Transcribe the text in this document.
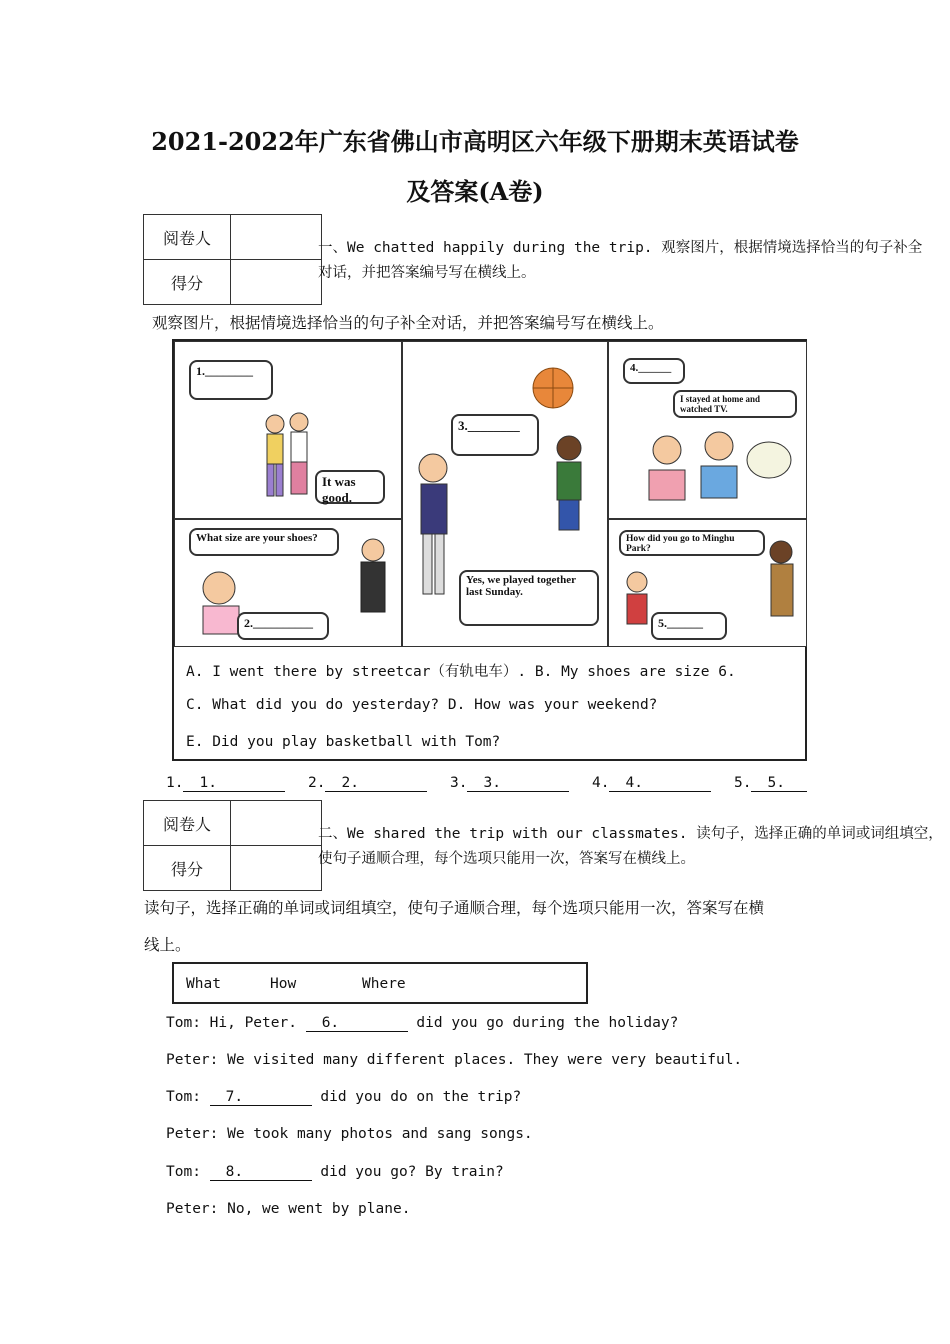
2021-2022年广东省佛山市高明区六年级下册期末英语试卷
及答案(A卷)
阅卷人	
得分	
一、We chatted happily during the trip. 观察图片，根据情境选择恰当的句子补全
对话，并把答案编号写在横线上。
观察图片，根据情境选择恰当的句子补全对话，并把答案编号写在横线上。
1.________
It was good.
3.________
Yes, we played together last Sunday.
4.______
I stayed at home and watched TV.
What size are your shoes?
2.__________
How did you go to Minghu Park?
5.______
A. I went there by streetcar（有轨电车）. B. My shoes are size 6.
C. What did you do yesterday? D. How was your weekend?
E. Did you play basketball with Tom?
1. 1.	2. 2.	3. 3.	4. 4.	5. 5.
阅卷人	
得分	
二、We shared the trip with our classmates. 读句子，选择正确的单词或词组填空，
使句子通顺合理，每个选项只能用一次，答案写在横线上。
读句子，选择正确的单词或词组填空，使句子通顺合理，每个选项只能用一次，答案写在横
线上。
What	How	Where
Tom: Hi, Peter. 6.	did you go during the holiday?
Peter: We visited many different places. They were very beautiful.
Tom: 7.	did you do on the trip?
Peter: We took many photos and sang songs.
Tom: 8.	did you go? By train?
Peter: No, we went by plane.
